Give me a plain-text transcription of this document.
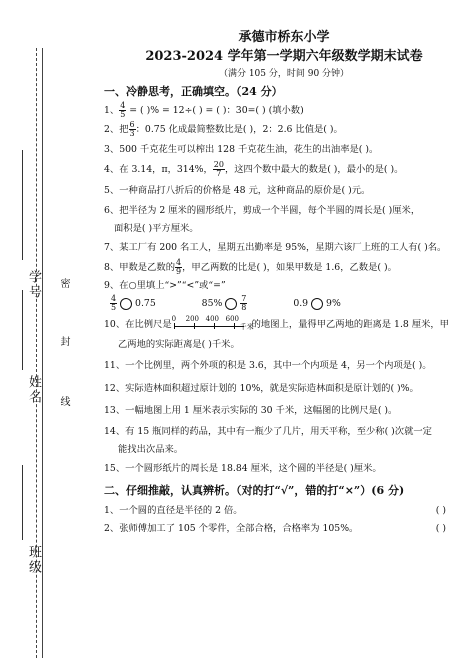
学号
姓名
班级
密
封
线
承德市桥东小学
2023-2024 学年第一学期六年级数学期末试卷
（满分 105 分，时间 90 分钟）
一、冷静思考，正确填空。（24 分）
1、 $\frac{4}{5}$ = ( )% = 12÷( ) = ( )：30=( ) (填小数)
2、把 $\frac{6}{3}$ ：0.75 化成最简整数比是( )，2：2.6 比值是( )。
3、500 千克花生可以榨出 128 千克花生油，花生的出油率是( )。
4、在 3.14，π，314%， $\frac{20}{7}$ ，这四个数中最大的数是( )，最小的是( )。
5、一种商品打八折后的价格是 48 元，这种商品的原价是( )元。
6、把半径为 2 厘米的圆形纸片，剪成一个半圆，每个半圆的周长是( )厘米，
面积是( )平方厘米。
7、某工厂有 200 名工人，星期五出勤率是 95%，星期六该厂上班的工人有( )名。
8、甲数是乙数的 $\frac{4}{9}$ ，甲乙两数的比是( )，如果甲数是 1.6，乙数是( )。
9、在○里填上“>”“<”或“=”
$\frac{4}{5} 0.75$	$85\% \frac{7}{8}$	0.9 9%
10、在比例尺是
0 200 400 600
千米
的地图上，量得甲乙两地的距离是 1.8 厘米，甲
乙两地的实际距离是( )千米。
11、一个比例里，两个外项的积是 3.6，其中一个内项是 4，另一个内项是( )。
12、实际造林面积超过原计划的 10%，就是实际造林面积是原计划的( )%。
13、一幅地图上用 1 厘米表示实际的 30 千米，这幅图的比例尺是( )。
14、有 15 瓶同样的药品，其中有一瓶少了几片，用天平称，至少称( )次就一定
能找出次品来。
15、一个圆形纸片的周长是 18.84 厘米，这个圆的半径是( )厘米。
二、仔细推敲，认真辨析。（对的打“√”，错的打“×”）(6 分)
1、一个圆的直径是半径的 2 倍。	( )
2、张师傅加工了 105 个零件，全部合格，合格率为 105%。	( )
